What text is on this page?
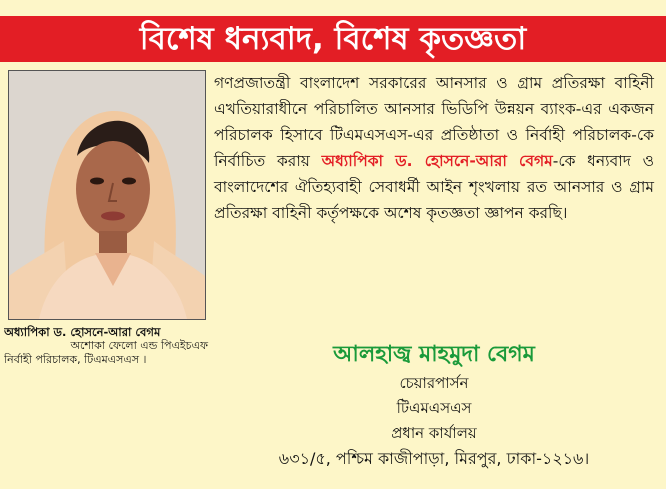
বিশেষ ধন্যবাদ, বিশেষ কৃতজ্ঞতা
অধ্যাপিকা ড. হোসনে-আরা বেগম
অশোকা ফেলো এন্ড পিএইচএফ
নির্বাহী পরিচালক, টিএমএসএস ।
গণপ্রজাতন্ত্রী বাংলাদেশ সরকারের আনসার ও গ্রাম প্রতিরক্ষা বাহিনী এখতিয়ারাধীনে পরিচালিত আনসার ভিডিপি উন্নয়ন ব্যাংক-এর একজন পরিচালক হিসাবে টিএমএসএস-এর প্রতিষ্ঠাতা ও নির্বাহী পরিচালক-কে নির্বাচিত করায় অধ্যাপিকা ড. হোসনে-আরা বেগম-কে ধন্যবাদ ও বাংলাদেশের ঐতিহ্যবাহী সেবাধর্মী আইন শৃংখলায় রত আনসার ও গ্রাম প্রতিরক্ষা বাহিনী কর্তৃপক্ষকে অশেষ কৃতজ্ঞতা জ্ঞাপন করছি।
আলহাজ্ব মাহমুদা বেগম
চেয়ারপার্সন
টিএমএসএস
প্রধান কার্যালয়
৬৩১/৫, পশ্চিম কাজীপাড়া, মিরপুর, ঢাকা-১২১৬।
